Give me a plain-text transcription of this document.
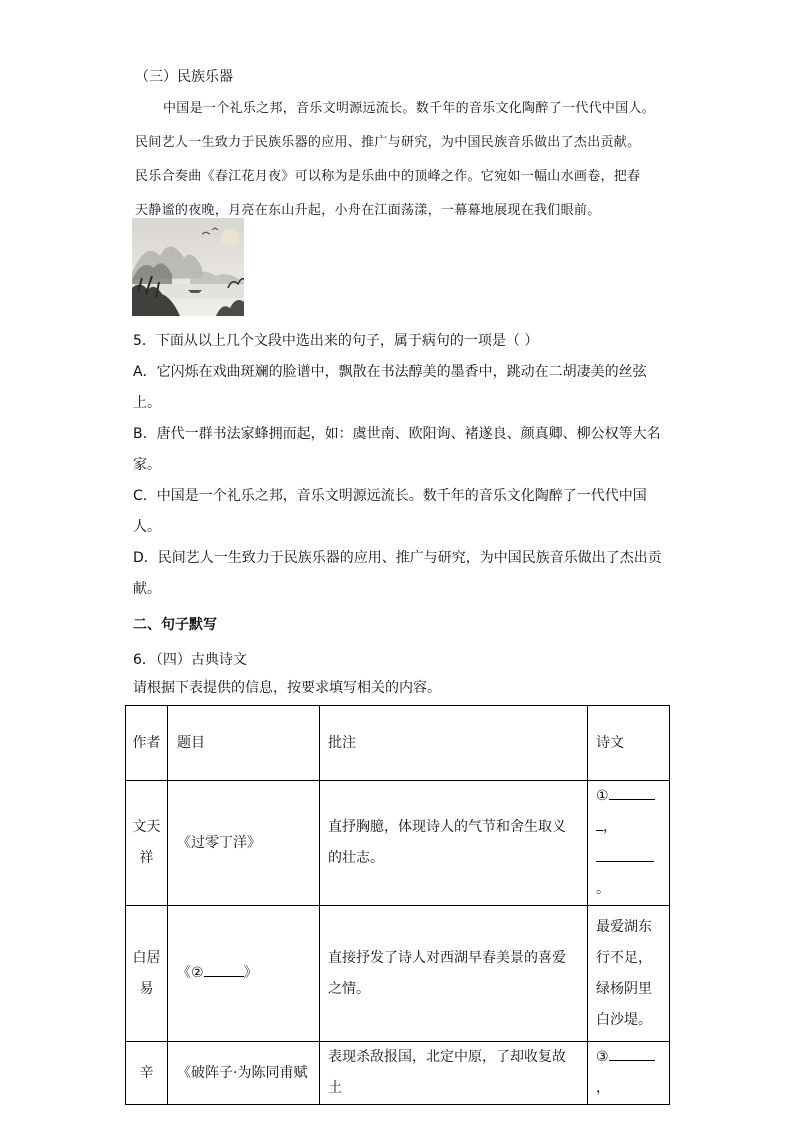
（三）民族乐器
中国是一个礼乐之邦，音乐文明源远流长。数千年的音乐文化陶醉了一代代中国人。
民间艺人一生致力于民族乐器的应用、推广与研究，为中国民族音乐做出了杰出贡献。
民乐合奏曲《春江花月夜》可以称为是乐曲中的顶峰之作。它宛如一幅山水画卷，把春
天静谧的夜晚，月亮在东山升起，小舟在江面荡漾，一幕幕地展现在我们眼前。

5．下面从以上几个文段中选出来的句子，属于病句的一项是（ ）

A．它闪烁在戏曲斑斓的脸谱中，飘散在书法醇美的墨香中，跳动在二胡凄美的丝弦上。

B．唐代一群书法家蜂拥而起，如：虞世南、欧阳询、褚遂良、颜真卿、柳公权等大名家。

C．中国是一个礼乐之邦，音乐文明源远流长。数千年的音乐文化陶醉了一代代中国人。

D．民间艺人一生致力于民族乐器的应用、推广与研究，为中国民族音乐做出了杰出贡献。

二、句子默写

6．（四）古典诗文

请根据下表提供的信息，按要求填写相关的内容。

作者	题目	批注	诗文
文天祥	《过零丁洋》	直抒胸臆，体现诗人的气节和舍生取义的壮志。	①
，
。
白居易	《② 》	直接抒发了诗人对西湖早春美景的喜爱之情。	最爱湖东
行不足，
绿杨阴里
白沙堤。
辛	《破阵子·为陈同甫赋	表现杀敌报国，北定中原，了却收复故土	③，
